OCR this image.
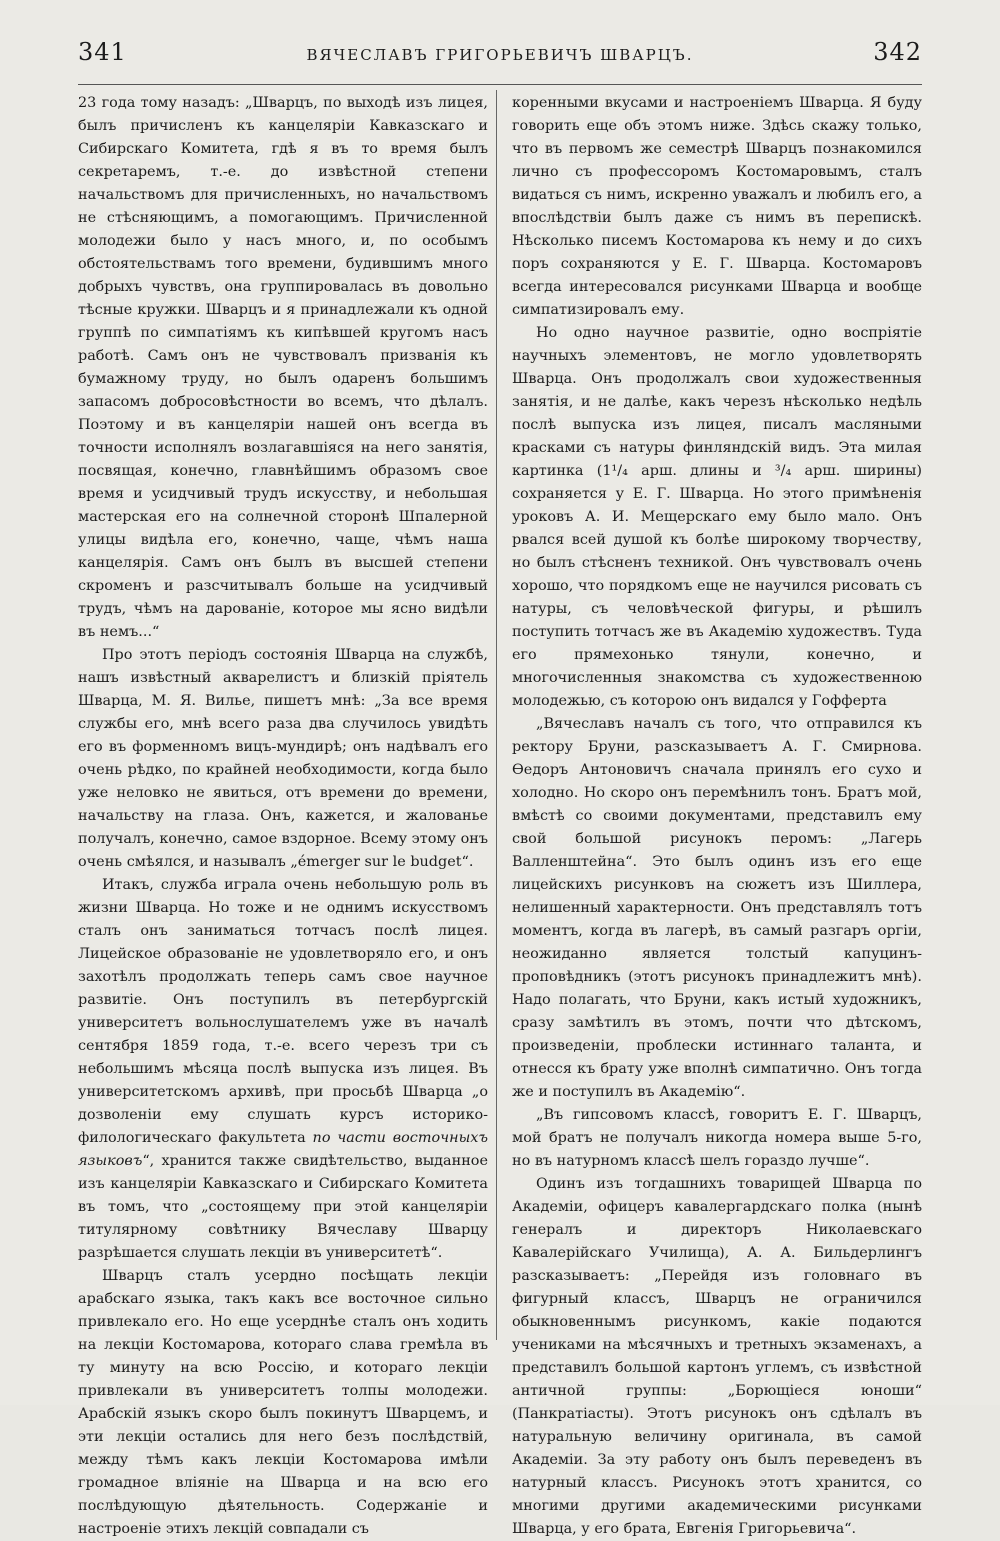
341	ВЯЧЕСЛАВЪ ГРИГОРЬЕВИЧЪ ШВАРЦЪ.	342

23 года тому назадъ: „Шварцъ, по выходѣ изъ лицея, былъ причисленъ къ канцеляріи Кавказскаго и Сибирскаго Комитета, гдѣ я въ то время былъ секретаремъ, т.-е. до извѣстной степени начальствомъ для причисленныхъ, но начальствомъ не стѣсняющимъ, а помогающимъ. Причисленной молодежи было у насъ много, и, по особымъ обстоятельствамъ того времени, будившимъ много добрыхъ чувствъ, она группировалась въ довольно тѣсные кружки. Шварцъ и я принадлежали къ одной группѣ по симпатіямъ къ кипѣвшей кругомъ насъ работѣ. Самъ онъ не чувствовалъ призванія къ бумажному труду, но былъ одаренъ большимъ запасомъ добросовѣстности во всемъ, что дѣлалъ. Поэтому и въ канцеляріи нашей онъ всегда въ точности исполнялъ возлагавшіяся на него занятія, посвящая, конечно, главнѣйшимъ образомъ свое время и усидчивый трудъ искусству, и небольшая мастерская его на солнечной сторонѣ Шпалерной улицы видѣла его, конечно, чаще, чѣмъ наша канцелярія. Самъ онъ былъ въ высшей степени скроменъ и разсчитывалъ больше на усидчивый трудъ, чѣмъ на дарованіе, которое мы ясно видѣли въ немъ...“

Про этотъ періодъ состоянія Шварца на службѣ, нашъ извѣстный акварелистъ и близкій пріятель Шварца, М. Я. Вилье, пишетъ мнѣ: „За все время службы его, мнѣ всего раза два случилось увидѣть его въ форменномъ вицъ-мундирѣ; онъ надѣвалъ его очень рѣдко, по крайней необходимости, когда было уже неловко не явиться, отъ времени до времени, начальству на глаза. Онъ, кажется, и жалованье получалъ, конечно, самое вздорное. Всему этому онъ очень смѣялся, и называлъ „émerger sur le budget“.

Итакъ, служба играла очень небольшую роль въ жизни Шварца. Но тоже и не однимъ искусствомъ сталъ онъ заниматься тотчасъ послѣ лицея. Лицейское образованіе не удовлетворяло его, и онъ захотѣлъ продолжать теперь самъ свое научное развитіе. Онъ поступилъ въ петербургскій университетъ вольнослушателемъ уже въ началѣ сентября 1859 года, т.-е. всего черезъ три съ небольшимъ мѣсяца послѣ выпуска изъ лицея. Въ университетскомъ архивѣ, при просьбѣ Шварца „о дозволеніи ему слушать курсъ историко-филологическаго факультета по части восточныхъ языковъ“, хранится также свидѣтельство, выданное изъ канцеляріи Кавказскаго и Сибирскаго Комитета въ томъ, что „состоящему при этой канцеляріи титулярному совѣтнику Вячеславу Шварцу разрѣшается слушать лекціи въ университетѣ“.

Шварцъ сталъ усердно посѣщать лекціи арабскаго языка, такъ какъ все восточное сильно привлекало его. Но еще усерднѣе сталъ онъ ходить на лекціи Костомарова, котораго слава гремѣла въ ту минуту на всю Россію, и котораго лекціи привлекали въ университетъ толпы молодежи. Арабскій языкъ скоро былъ покинутъ Шварцемъ, и эти лекціи остались для него безъ послѣдствій, между тѣмъ какъ лекціи Костомарова имѣли громадное вліяніе на Шварца и на всю его послѣдующую дѣятельность. Содержаніе и настроеніе этихъ лекцій совпадали съ

коренными вкусами и настроеніемъ Шварца. Я буду говорить еще объ этомъ ниже. Здѣсь скажу только, что въ первомъ же семестрѣ Шварцъ познакомился лично съ профессоромъ Костомаровымъ, сталъ видаться съ нимъ, искренно уважалъ и любилъ его, а впослѣдствіи былъ даже съ нимъ въ перепискѣ. Нѣсколько писемъ Костомарова къ нему и до сихъ поръ сохраняются у Е. Г. Шварца. Костомаровъ всегда интересовался рисунками Шварца и вообще симпатизировалъ ему.

Но одно научное развитіе, одно воспріятіе научныхъ элементовъ, не могло удовлетворять Шварца. Онъ продолжалъ свои художественныя занятія, и не далѣе, какъ черезъ нѣсколько недѣль послѣ выпуска изъ лицея, писалъ масляными красками съ натуры финляндскій видъ. Эта милая картинка (1¹/₄ арш. длины и ³/₄ арш. ширины) сохраняется у Е. Г. Шварца. Но этого примѣненія уроковъ А. И. Мещерскаго ему было мало. Онъ рвался всей душой къ болѣе широкому творчеству, но былъ стѣсненъ техникой. Онъ чувствовалъ очень хорошо, что порядкомъ еще не научился рисовать съ натуры, съ человѣческой фигуры, и рѣшилъ поступить тотчасъ же въ Академію художествъ. Туда его прямехонько тянули, конечно, и многочисленныя знакомства съ художественною молодежью, съ которою онъ видался у Гофферта

„Вячеславъ началъ съ того, что отправился къ ректору Бруни, разсказываетъ А. Г. Смирнова. Ѳедоръ Антоновичъ сначала принялъ его сухо и холодно. Но скоро онъ перемѣнилъ тонъ. Братъ мой, вмѣстѣ со своими документами, представилъ ему свой большой рисунокъ перомъ: „Лагерь Валленштейна“. Это былъ одинъ изъ его еще лицейскихъ рисунковъ на сюжетъ изъ Шиллера, нелишенный характерности. Онъ представлялъ тотъ моментъ, когда въ лагерѣ, въ самый разгаръ оргіи, неожиданно является толстый капуцинъ-проповѣдникъ (этотъ рисунокъ принадлежитъ мнѣ). Надо полагать, что Бруни, какъ истый художникъ, сразу замѣтилъ въ этомъ, почти что дѣтскомъ, произведеніи, проблески истиннаго таланта, и отнесся къ брату уже вполнѣ симпатично. Онъ тогда же и поступилъ въ Академію“.

„Въ гипсовомъ классѣ, говоритъ Е. Г. Шварцъ, мой братъ не получалъ никогда номера выше 5-го, но въ натурномъ классѣ шелъ гораздо лучше“.

Одинъ изъ тогдашнихъ товарищей Шварца по Академіи, офицеръ кавалергардскаго полка (нынѣ генералъ и директоръ Николаевскаго Кавалерійскаго Училища), А. А. Бильдерлингъ разсказываетъ: „Перейдя изъ головнаго въ фигурный классъ, Шварцъ не ограничился обыкновеннымъ рисункомъ, какіе подаются учениками на мѣсячныхъ и третныхъ экзаменахъ, а представилъ большой картонъ углемъ, съ извѣстной античной группы: „Борющіеся юноши“ (Панкратіасты). Этотъ рисунокъ онъ сдѣлалъ въ натуральную величину оригинала, въ самой Академіи. За эту работу онъ былъ переведенъ въ натурный классъ. Рисунокъ этотъ хранится, со многими другими академическими рисунками Шварца, у его брата, Евгенія Григорьевича“.
